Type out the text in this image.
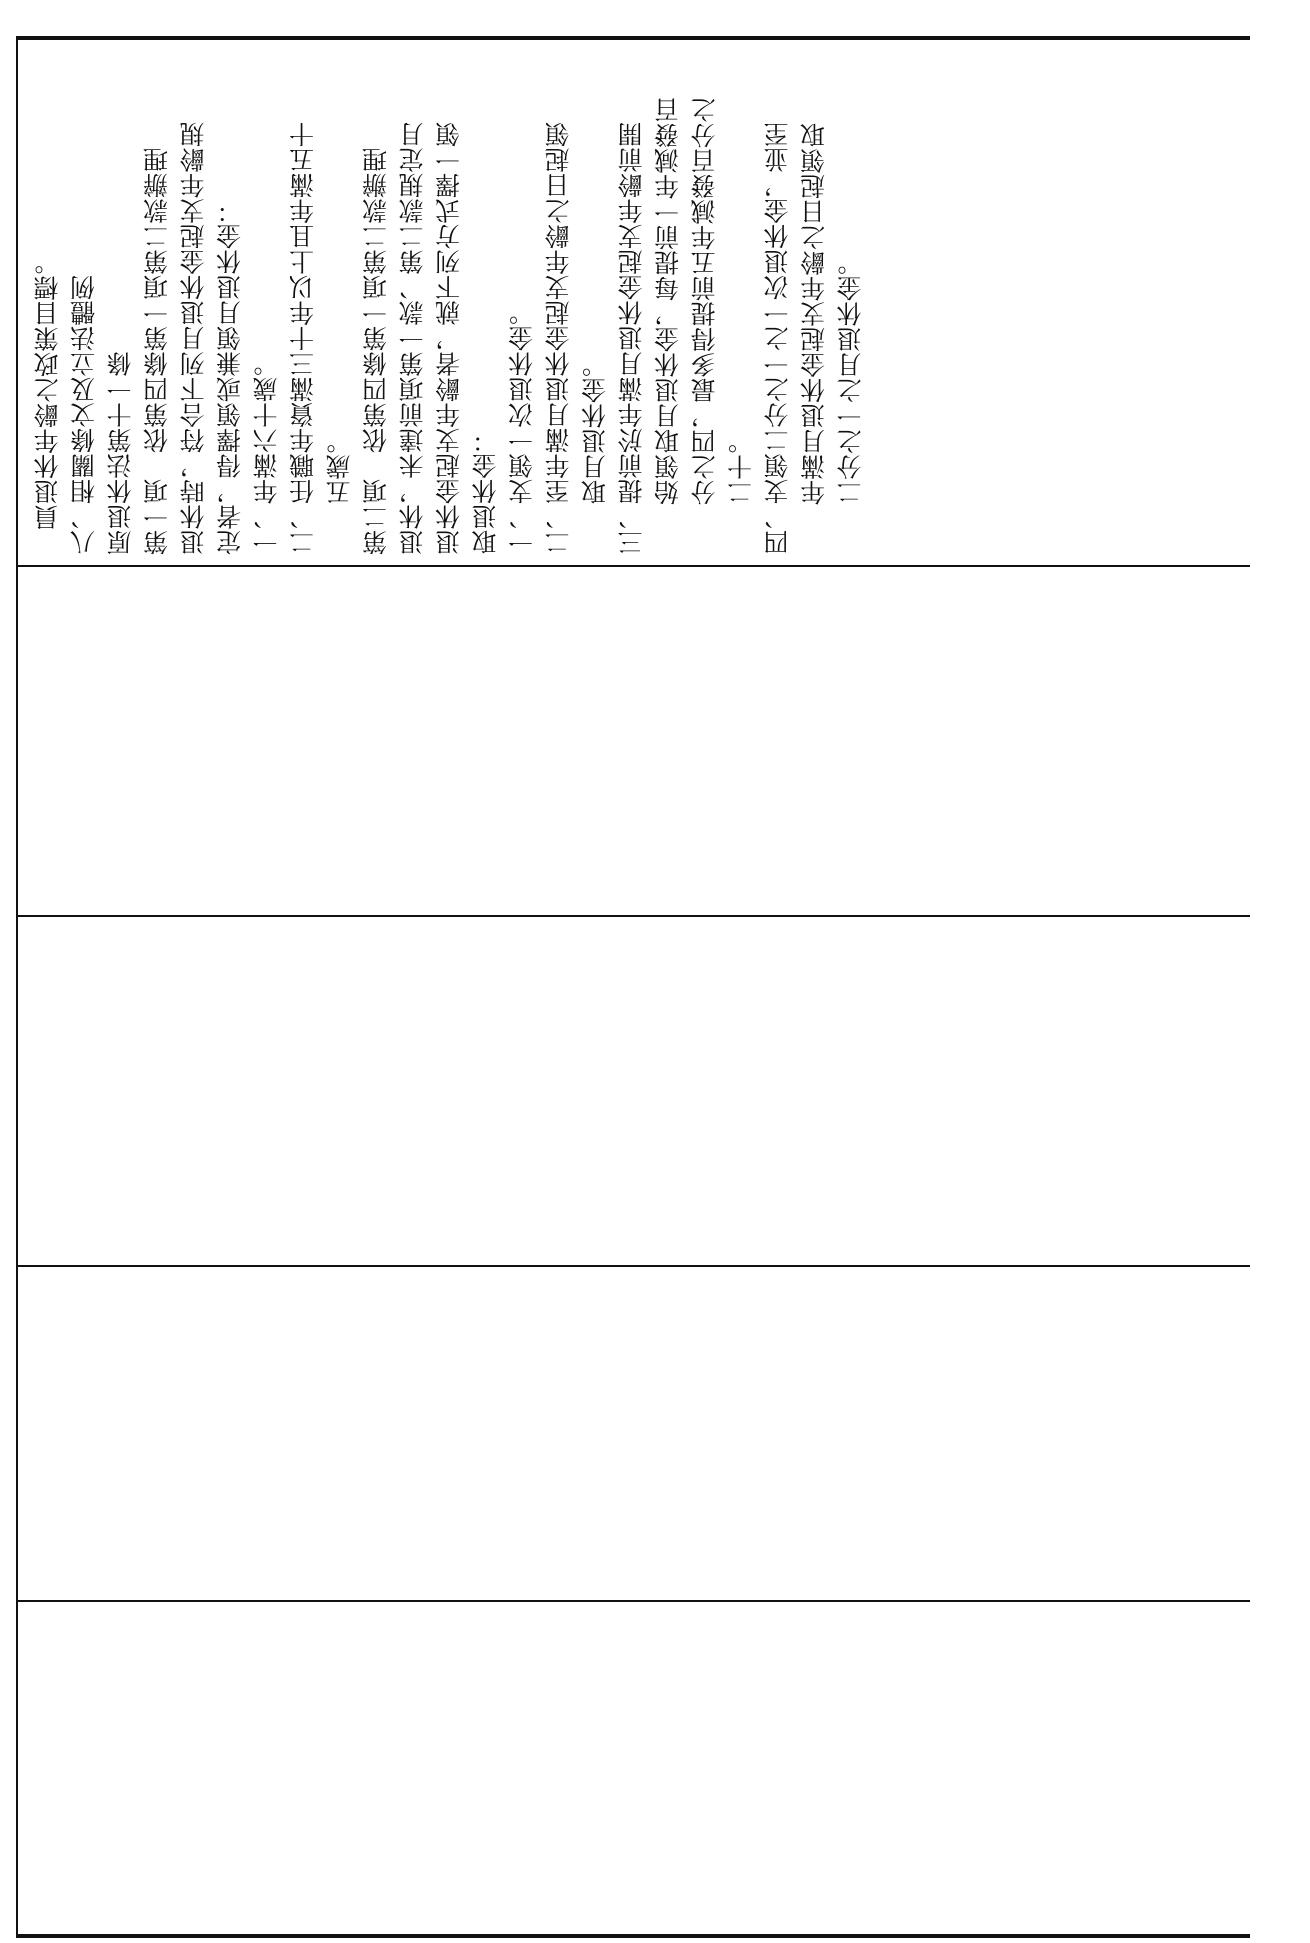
員退休年齡之政策目標。 八、相關條文及立法體例 原退休法第十一條 第一項　依第四條第一項第二款辦理 退休時，符合下列月退休金起支年齡規 定者，得擇領或兼領月退休金： 一、年滿六十歲。 二、任職年資滿三十年以上且年滿五十 五歲。 第二項　依第四條第一項第二款辦理 退休，未達前項第一款、第二款規定月 退休金起支年齡者，就下列方式擇一領 取退休金： 一、支領一次退休金。 二、至年滿月退休金起支年齡之日起領 取月退休金。 三、提前於年滿月退休金起支年齡前開 始領取月退休金，每提前一年減發百 分之四，最多得提前五年減發百分之 二十。 四、支領二分之一之一次退休金，並至 年滿月退休金起支年齡之日起領取 二分之一之月退休金。
